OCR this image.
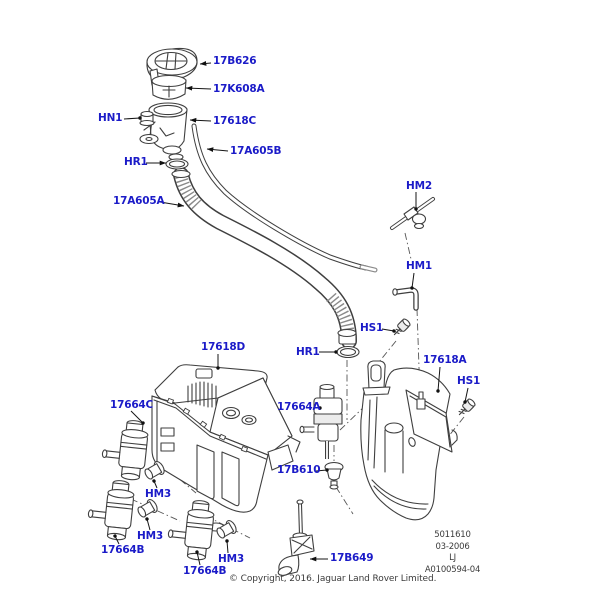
17B626
17K608A
HN1	17618C
HR1
17A605B
17A605A
HM2
HM1
HS1
HR1
17618D
17618A
HS1
17664C	17664A
17B610
HM3
HM3
17664B
HM3
17664B
17B649
5011610
03-2006
LJ
A0100594-04
© Copyright, 2016. Jaguar Land Rover Limited.
